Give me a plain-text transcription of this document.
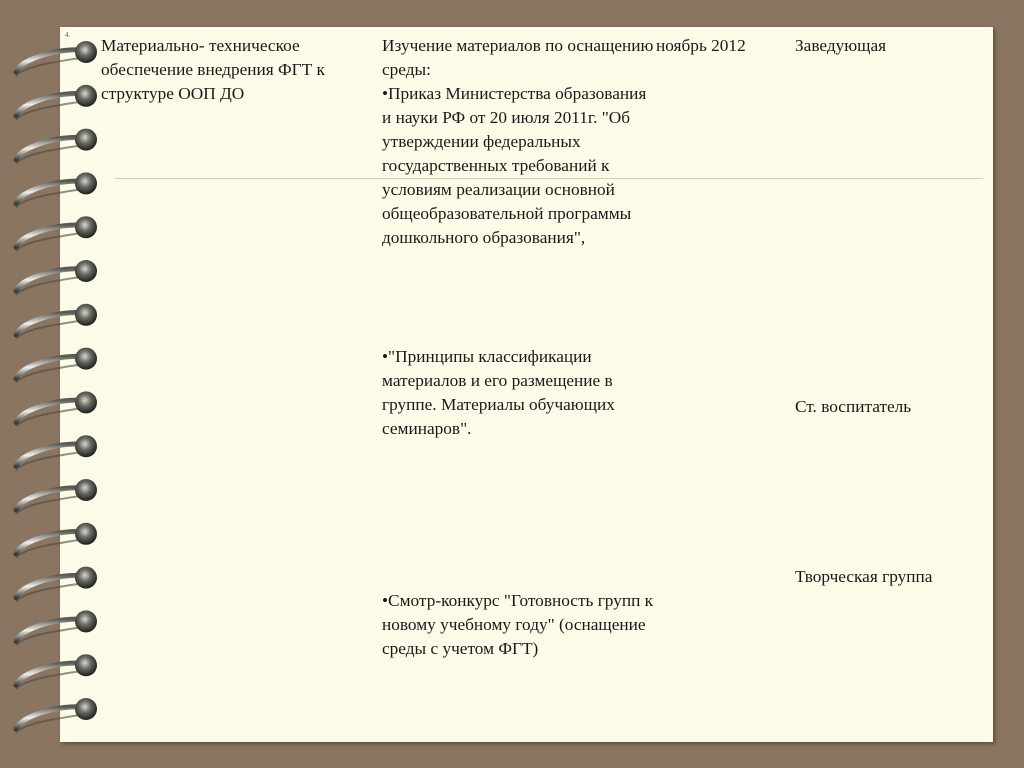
4.
Материально- техническое обеспечение внедрения ФГТ к структуре ООП ДО

Изучение материалов по оснащению среды:

•Приказ Министерства образования и науки РФ от 20 июля 2011г. "Об утверждении федеральных государственных требований к условиям реализации основной общеобразовательной программы дошкольного образования",

•"Принципы классификации материалов и его размещение в группе. Материалы обучающих семинаров".
•Смотр-конкурс "Готовность групп к новому учебному году" (оснащение среды с учетом ФГТ)
ноябрь 2012	Заведующая
Ст. воспитатель
Творческая группа
